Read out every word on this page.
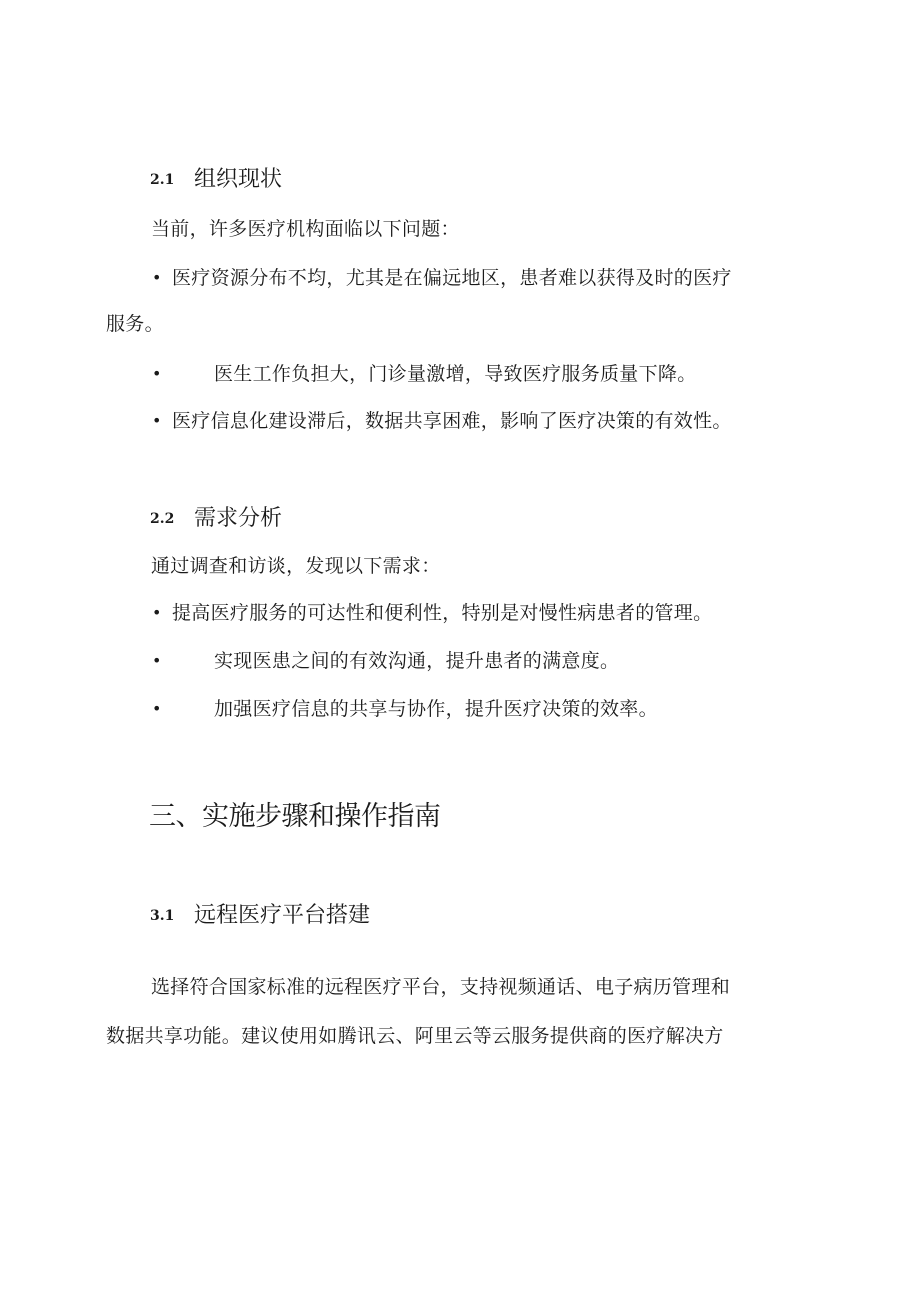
2.1 组织现状
当前，许多医疗机构面临以下问题：
• 医疗资源分布不均，尤其是在偏远地区，患者难以获得及时的医疗
服务。
•	医生工作负担大，门诊量激增，导致医疗服务质量下降。
• 医疗信息化建设滞后，数据共享困难，影响了医疗决策的有效性。
2.2 需求分析
通过调查和访谈，发现以下需求：
• 提高医疗服务的可达性和便利性，特别是对慢性病患者的管理。
•	实现医患之间的有效沟通，提升患者的满意度。
•	加强医疗信息的共享与协作，提升医疗决策的效率。
三、实施步骤和操作指南
3.1 远程医疗平台搭建
选择符合国家标准的远程医疗平台，支持视频通话、电子病历管理和
数据共享功能。建议使用如腾讯云、阿里云等云服务提供商的医疗解决方
